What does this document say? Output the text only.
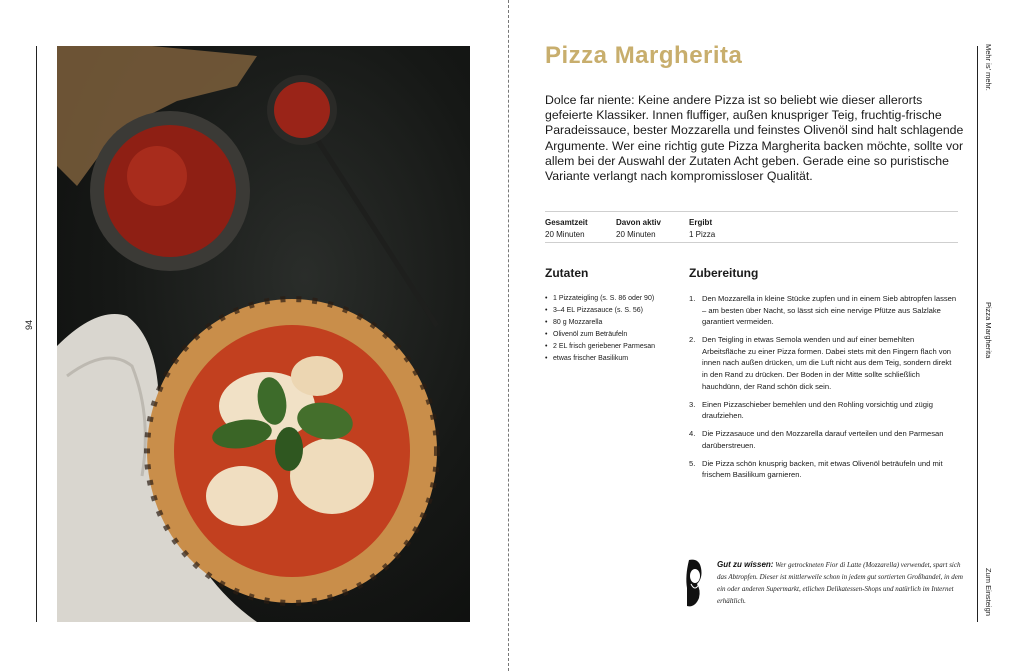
94
Pizza Margherita

Dolce far niente: Keine andere Pizza ist so beliebt wie dieser allerorts gefeierte Klassiker. Innen fluffiger, außen knuspriger Teig, fruchtig-frische Paradeissauce, bester Mozzarella und feinstes Olivenöl sind halt schlagende Argumente. Wer eine richtig gute Pizza Margherita backen möchte, sollte vor allem bei der Auswahl der Zutaten Acht geben. Gerade eine so puristische Variante verlangt nach kompromissloser Qualität.

Gesamtzeit
20 Minuten
Davon aktiv
20 Minuten
Ergibt
1 Pizza
Zutaten	Zubereitung
• 1 Pizzateigling (s. S. 86 oder 90)
• 3–4 EL Pizzasauce (s. S. 56)
• 80 g Mozzarella
• Olivenöl zum Beträufeln
• 2 EL frisch geriebener Parmesan
• etwas frischer Basilikum
1. Den Mozzarella in kleine Stücke zupfen und in einem Sieb abtropfen lassen – am besten über Nacht, so lässt sich eine nervige Pfütze aus Salzlake garantiert vermeiden.
2. Den Teigling in etwas Semola wenden und auf einer bemehlten Arbeitsfläche zu einer Pizza formen. Dabei stets mit den Fingern flach von innen nach außen drücken, um die Luft nicht aus dem Teig, sondern direkt in den Rand zu drücken. Der Boden in der Mitte sollte schließlich hauchdünn, der Rand schön dick sein.
3. Einen Pizzaschieber bemehlen und den Rohling vorsichtig und zügig draufziehen.
4. Die Pizzasauce und den Mozzarella darauf verteilen und den Parmesan darüberstreuen.
5. Die Pizza schön knusprig backen, mit etwas Olivenöl beträufeln und mit frischem Basilikum garnieren.

Gut zu wissen: Wer getrockneten Fior di Latte (Mozzarella) verwendet, spart sich das Abtropfen. Dieser ist mittlerweile schon in jedem gut sortierten Großhandel, in dem ein oder anderen Supermarkt, etlichen Delikatessen-Shops und natürlich im Internet erhältlich.

Mehr is' mehr.
Pizza Margherita
Zum Einsteign
